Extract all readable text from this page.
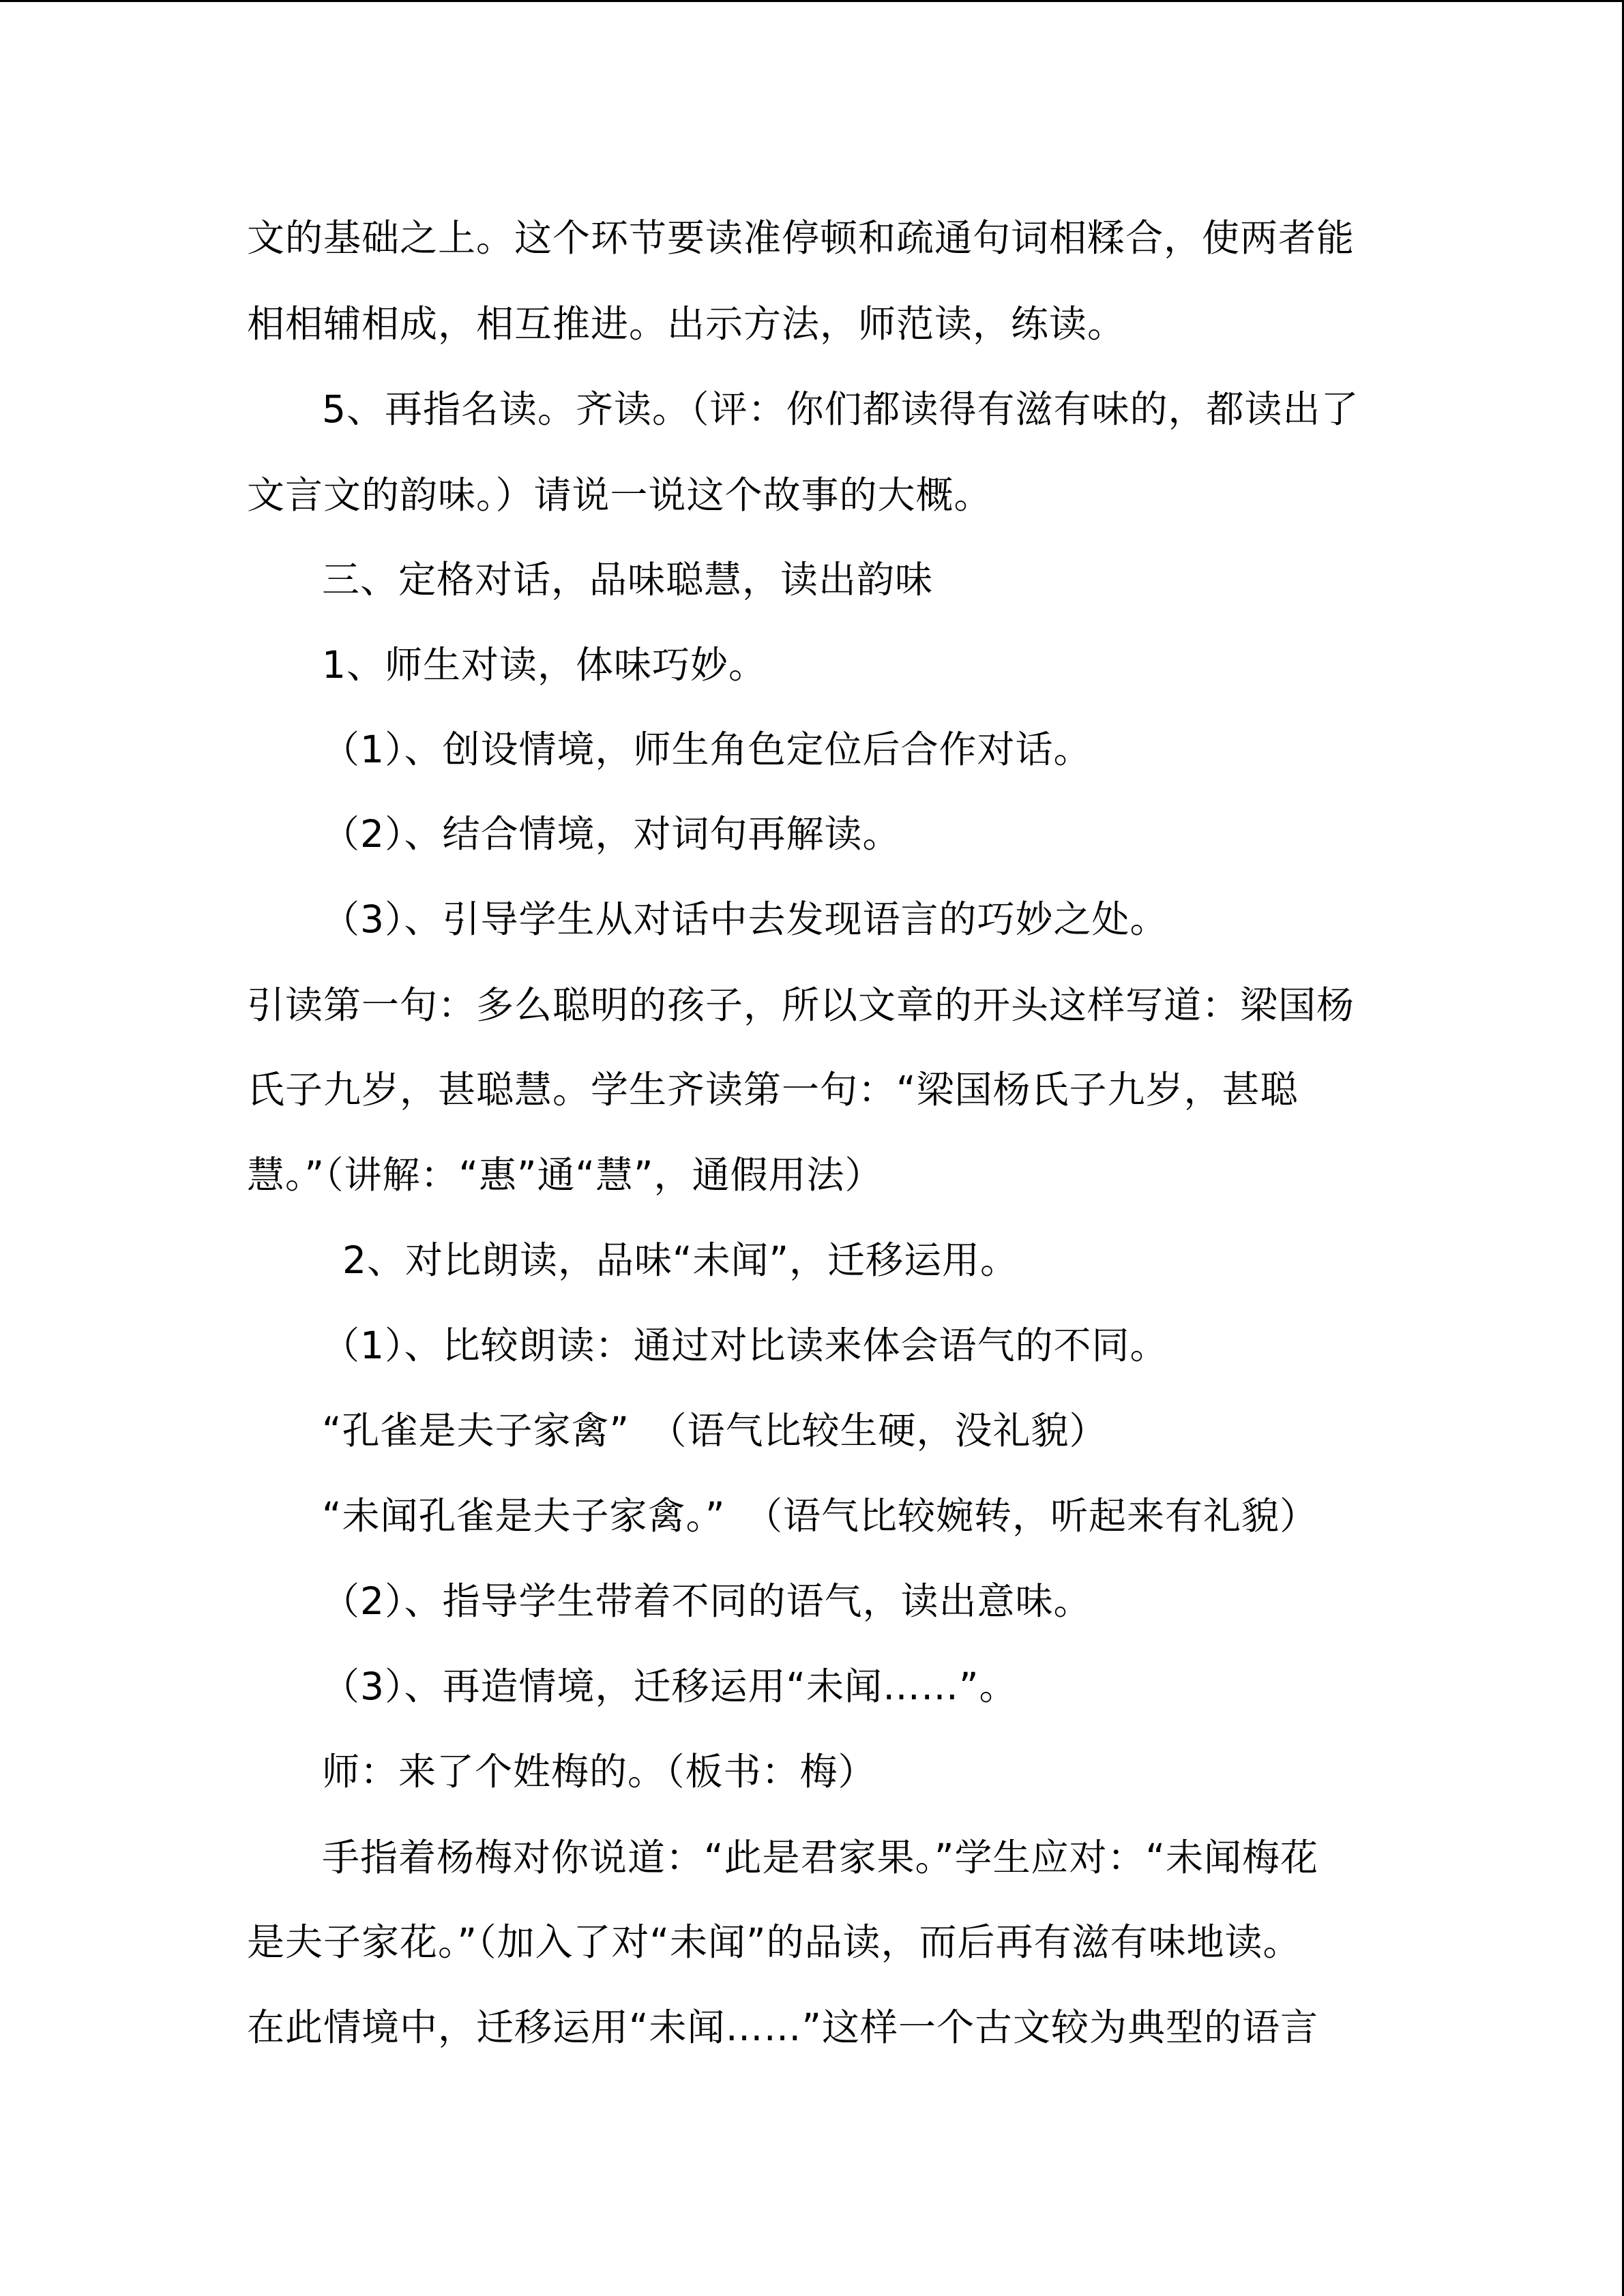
文的基础之上。这个环节要读准停顿和疏通句词相糅合，使两者能
相相辅相成，相互推进。出示方法，师范读，练读。
5、再指名读。齐读。（评：你们都读得有滋有味的，都读出了
文言文的韵味。）请说一说这个故事的大概。
三、定格对话，品味聪慧，读出韵味
1、师生对读，体味巧妙。
（1）、创设情境，师生角色定位后合作对话。
（2）、结合情境，对词句再解读。
（3）、引导学生从对话中去发现语言的巧妙之处。
引读第一句：多么聪明的孩子，所以文章的开头这样写道：梁国杨
氏子九岁，甚聪慧。学生齐读第一句：“梁国杨氏子九岁，甚聪
慧。”（讲解：“惠”通“慧”，通假用法）
2、对比朗读，品味“未闻”，迁移运用。
（1）、比较朗读：通过对比读来体会语气的不同。
“孔雀是夫子家禽”　（语气比较生硬，没礼貌）
“未闻孔雀是夫子家禽。”　（语气比较婉转，听起来有礼貌）
（2）、指导学生带着不同的语气，读出意味。
（3）、再造情境，迁移运用“未闻……”。
师：来了个姓梅的。（板书：梅）
手指着杨梅对你说道：“此是君家果。”学生应对：“未闻梅花
是夫子家花。”（加入了对“未闻”的品读，而后再有滋有味地读。
在此情境中，迁移运用“未闻……”这样一个古文较为典型的语言
